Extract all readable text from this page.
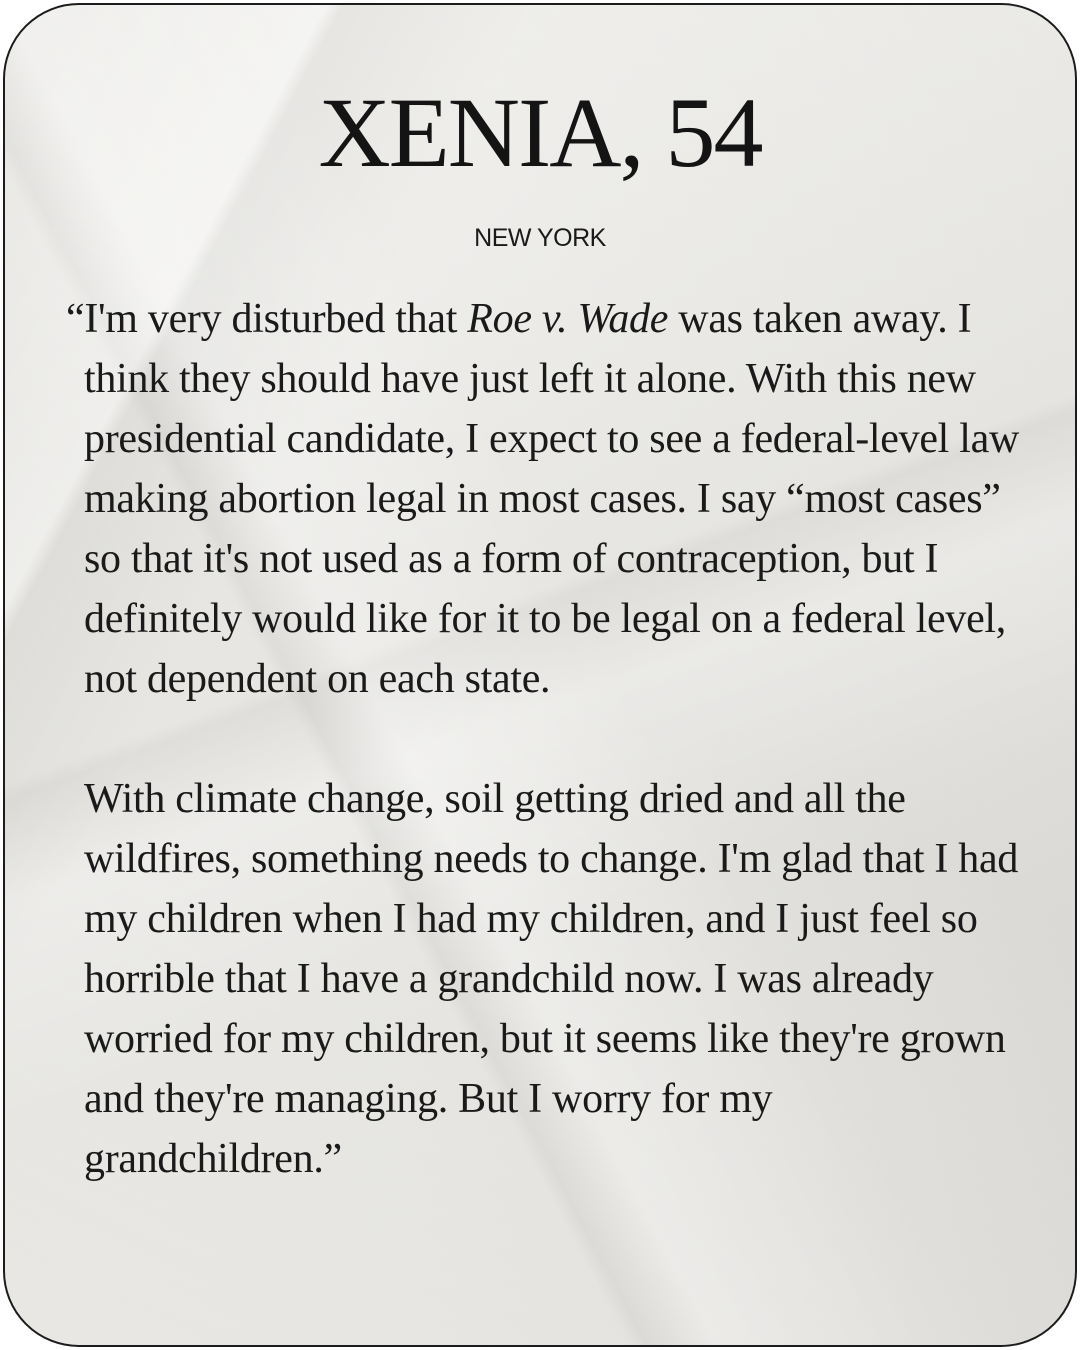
XENIA, 54
NEW YORK

“I'm very disturbed that Roe v. Wade was taken away. I think they should have just left it alone. With this new presidential candidate, I expect to see a federal-level law making abortion legal in most cases. I say “most cases” so that it's not used as a form of contraception, but I definitely would like for it to be legal on a federal level, not dependent on each state.

With climate change, soil getting dried and all the wildfires, something needs to change. I'm glad that I had my children when I had my children, and I just feel so horrible that I have a grandchild now. I was already worried for my children, but it seems like they're grown and they're managing. But I worry for my grandchildren.”
